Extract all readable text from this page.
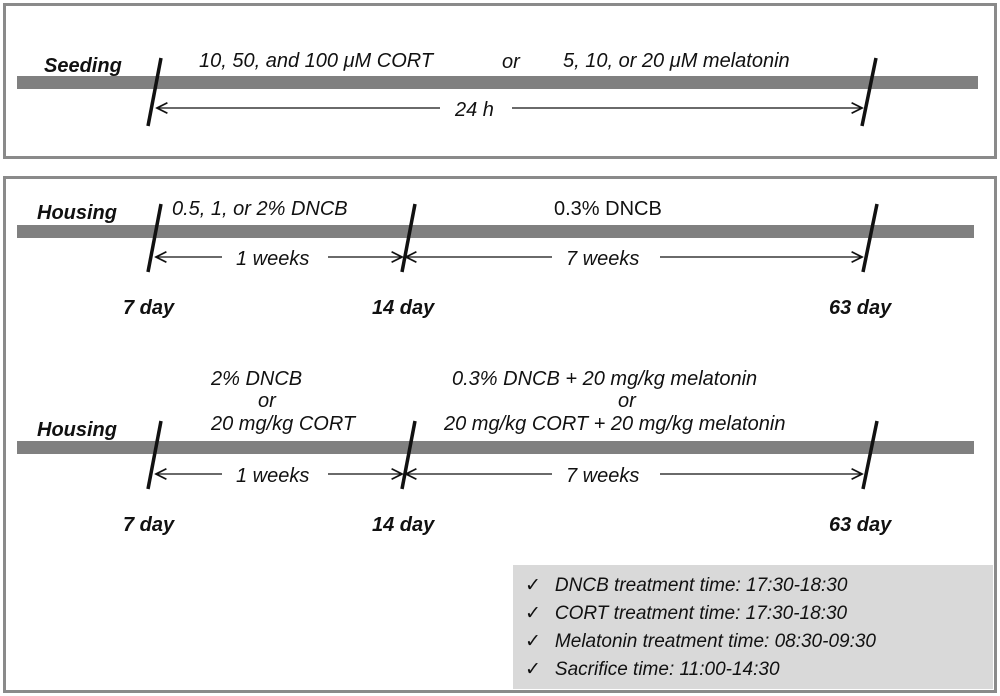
Seeding	10, 50, and 100 μM CORT	or 5, 10, or 20 μM melatonin
24 h
Housing	0.5, 1, or 2% DNCB	0.3% DNCB
1 weeks	7 weeks
7 day	14 day	63 day
Housing
2% DNCB
or
20 mg/kg CORT
0.3% DNCB + 20 mg/kg melatonin
or
20 mg/kg CORT + 20 mg/kg melatonin
1 weeks	7 weeks
7 day	14 day	63 day
✓ DNCB treatment time: 17:30-18:30
✓ CORT treatment time: 17:30-18:30
✓ Melatonin treatment time: 08:30-09:30
✓ Sacrifice time: 11:00-14:30
